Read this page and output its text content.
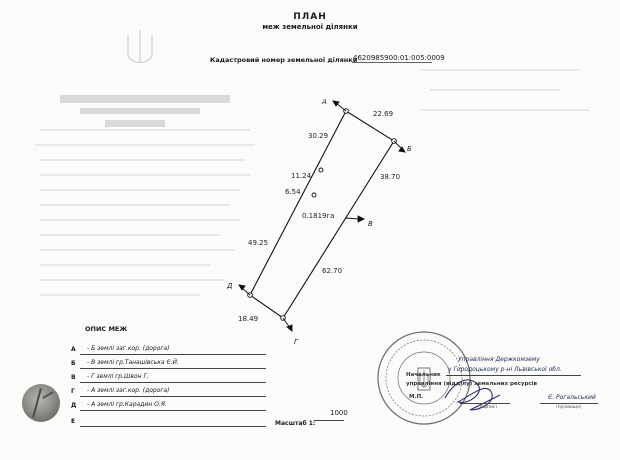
ПЛАН
меж земельної ділянки
Кадастровий номер земельної ділянки
4620985900:01:005:0009
А
Б
В
Г
Д
22.69
30.29
11.24
6.54
38.70
49.25
62.70
18.49
0.1819га
ОПИС МЕЖ
А - Б землі заг.кор. (дорога)
Б - В землі гр.Танашівська Є.Й.
В - Г землі гр.Швон Г.
Г - А землі заг.кор. (дорога)
Д - А землі гр.Карадин О.Я.
Е	Масштаб 1:
1000
Управління Держкомзему
у Городоцькому р-ні Львівської обл.
Начальник
управління (відділу) земельних ресурсів
М.П.
(підпис)
Є. Рогальський
(прізвище)
